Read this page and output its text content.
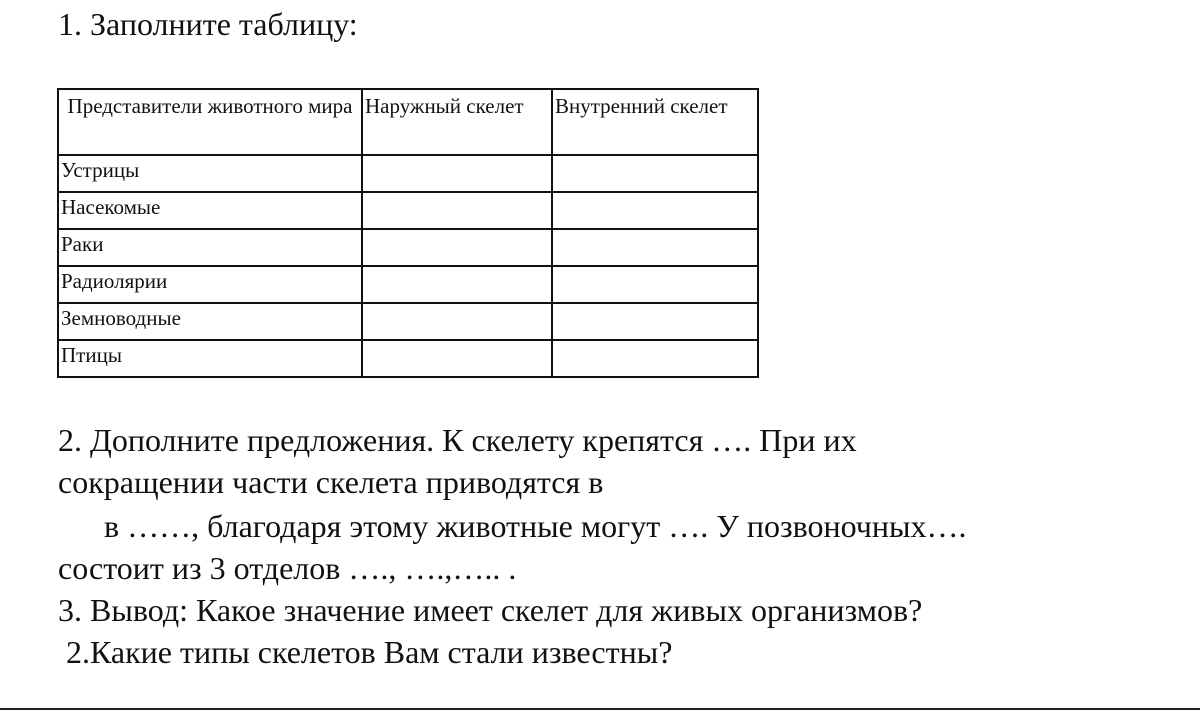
1. Заполните таблицу:
Представители животного мира	Наружный скелет	Внутренний скелет
Устрицы		
Насекомые		
Раки		
Радиолярии		
Земноводные		
Птицы		
2. Дополните предложения. К скелету крепятся …. При их
сокращении части скелета приводятся в
в ……, благодаря этому животные могут …. У позвоночных….
состоит из 3 отделов …., ….,….. .
3. Вывод: Какое значение имеет скелет для живых организмов?
2.Какие типы скелетов Вам стали известны?
